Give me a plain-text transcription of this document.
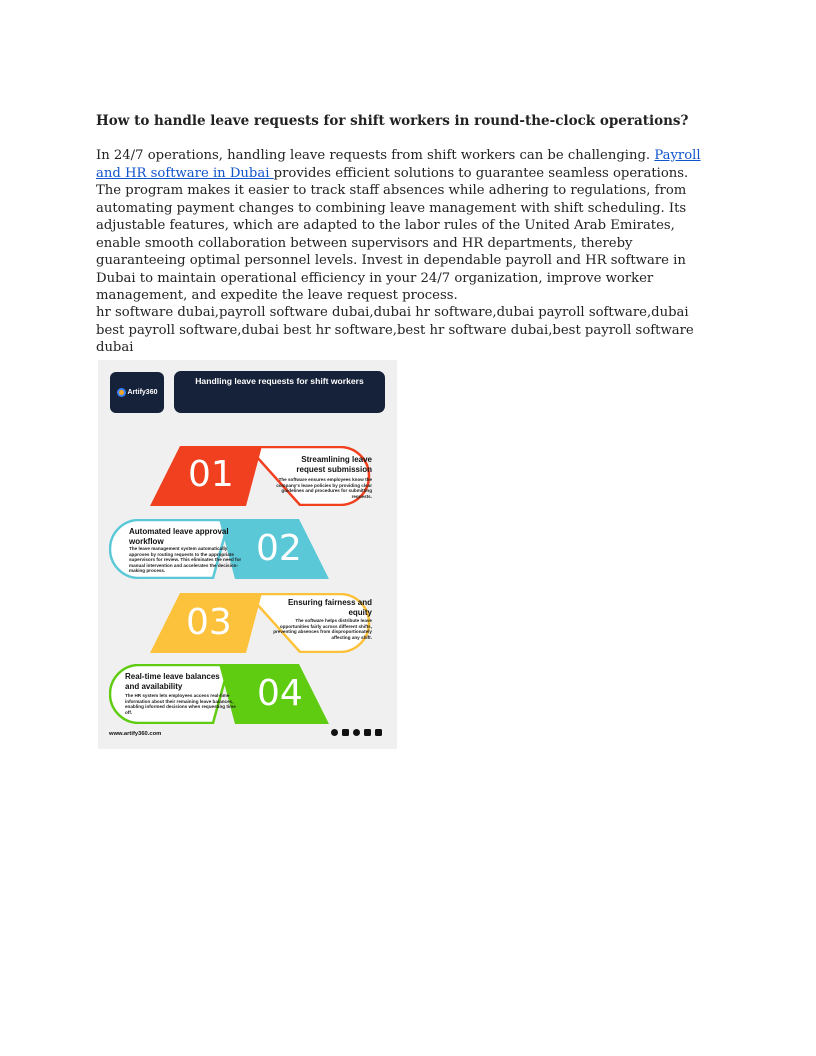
How to handle leave requests for shift workers in round-the-clock operations?

In 24/7 operations, handling leave requests from shift workers can be challenging. Payroll and HR software in Dubai provides efficient solutions to guarantee seamless operations. The program makes it easier to track staff absences while adhering to regulations, from automating payment changes to combining leave management with shift scheduling. Its adjustable features, which are adapted to the labor rules of the United Arab Emirates, enable smooth collaboration between supervisors and HR departments, thereby guaranteeing optimal personnel levels. Invest in dependable payroll and HR software in Dubai to maintain operational efficiency in your 24/7 organization, improve worker management, and expedite the leave request process.

hr software dubai,payroll software dubai,dubai hr software,dubai payroll software,dubai best payroll software,dubai best hr software,best hr software dubai,best payroll software dubai

Artify360
Handling leave requests for shift workers
01	Streamlining leave request submission
The software ensures employees know the company's leave policies by providing clear guidelines and procedures for submitting requests.
Automated leave approval workflow
The leave management system automatically approves by routing requests to the appropriate supervisors for review. This eliminates the need for manual intervention and accelerates the decision-making process.
02
03	Ensuring fairness and equity
The software helps distribute leave opportunities fairly across different shifts, preventing absences from disproportionately affecting any shift.
Real-time leave balances and availability
The HR system lets employees access real-time information about their remaining leave balances, enabling informed decisions when requesting time off.	04
www.artify360.com
